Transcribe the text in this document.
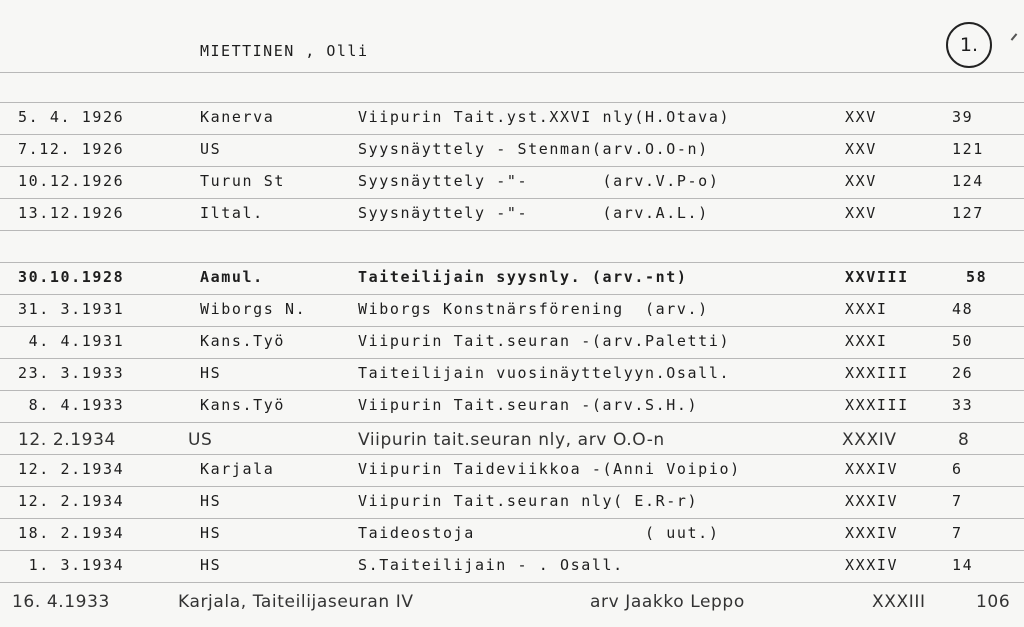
MIETTINEN , Olli	1.
5. 4. 1926	Kanerva	Viipurin Tait.yst.XXVI nly(H.Otava)	XXV	39
7.12. 1926	US	Syysnäyttely - Stenman(arv.O.O-n)	XXV	121
10.12.1926	Turun St	Syysnäyttely -"-       (arv.V.P-o)	XXV	124
13.12.1926	Iltal.	Syysnäyttely -"-       (arv.A.L.)	XXV	127
30.10.1928	Aamul.	Taiteilijain syysnly. (arv.-nt)	XXVIII	58
31. 3.1931	Wiborgs N.	Wiborgs Konstnärsförening  (arv.)	XXXI	48
4. 4.1931	Kans.Työ	Viipurin Tait.seuran -(arv.Paletti)	XXXI	50
23. 3.1933	HS	Taiteilijain vuosinäyttelyyn.Osall.	XXXIII	26
8. 4.1933	Kans.Työ	Viipurin Tait.seuran -(arv.S.H.)	XXXIII	33
12. 2.1934	US	Viipurin tait.seuran nly, arv O.O-n	XXXIV	8
12. 2.1934	Karjala	Viipurin Taideviikkoa -(Anni Voipio)	XXXIV	6
12. 2.1934	HS	Viipurin Tait.seuran nly( E.R-r)	XXXIV	7
18. 2.1934	HS	Taideostoja                ( uut.)	XXXIV	7
1. 3.1934	HS	S.Taiteilijain - . Osall.	XXXIV	14
16. 4.1933	Karjala, Taiteilijaseuran IV	arv Jaakko Leppo	XXXIII	106
